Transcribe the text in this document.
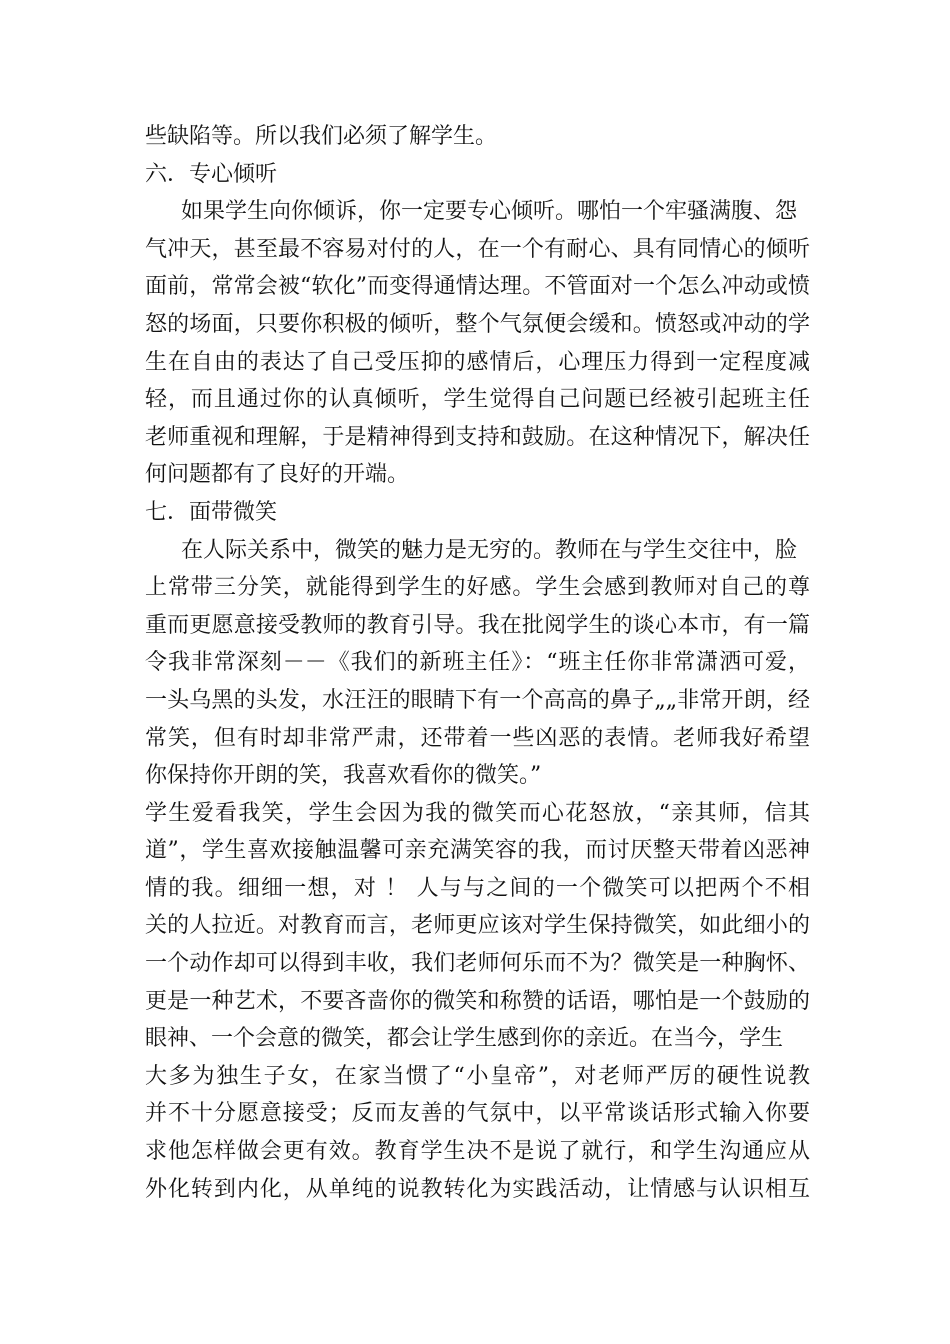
些缺陷等。所以我们必须了解学生。
六．专心倾听
如果学生向你倾诉，你一定要专心倾听。哪怕一个牢骚满腹、怨
气冲天，甚至最不容易对付的人，在一个有耐心、具有同情心的倾听
面前，常常会被“软化”而变得通情达理。不管面对一个怎么冲动或愤
怒的场面，只要你积极的倾听，整个气氛便会缓和。愤怒或冲动的学
生在自由的表达了自己受压抑的感情后，心理压力得到一定程度减
轻，而且通过你的认真倾听，学生觉得自己问题已经被引起班主任
老师重视和理解，于是精神得到支持和鼓励。在这种情况下，解决任
何问题都有了良好的开端。
七．面带微笑
在人际关系中，微笑的魅力是无穷的。教师在与学生交往中，脸
上常带三分笑，就能得到学生的好感。学生会感到教师对自己的尊
重而更愿意接受教师的教育引导。我在批阅学生的谈心本市，有一篇
令我非常深刻－－《我们的新班主任》：“班主任你非常潇洒可爱，
一头乌黑的头发，水汪汪的眼睛下有一个高高的鼻子„„非常开朗，经
常笑，但有时却非常严肃，还带着一些凶恶的表情。老师我好希望
你保持你开朗的笑，我喜欢看你的微笑。”
学生爱看我笑，学生会因为我的微笑而心花怒放，“亲其师，信其
道”，学生喜欢接触温馨可亲充满笑容的我，而讨厌整天带着凶恶神
情的我。细细一想，对 ！ 人与与之间的一个微笑可以把两个不相
关的人拉近。对教育而言，老师更应该对学生保持微笑，如此细小的
一个动作却可以得到丰收，我们老师何乐而不为？微笑是一种胸怀、
更是一种艺术，不要吝啬你的微笑和称赞的话语，哪怕是一个鼓励的
眼神、一个会意的微笑，都会让学生感到你的亲近。在当今，学生
大多为独生子女，在家当惯了“小皇帝”，对老师严厉的硬性说教
并不十分愿意接受；反而友善的气氛中，以平常谈话形式输入你要
求他怎样做会更有效。教育学生决不是说了就行，和学生沟通应从
外化转到内化，从单纯的说教转化为实践活动，让情感与认识相互
